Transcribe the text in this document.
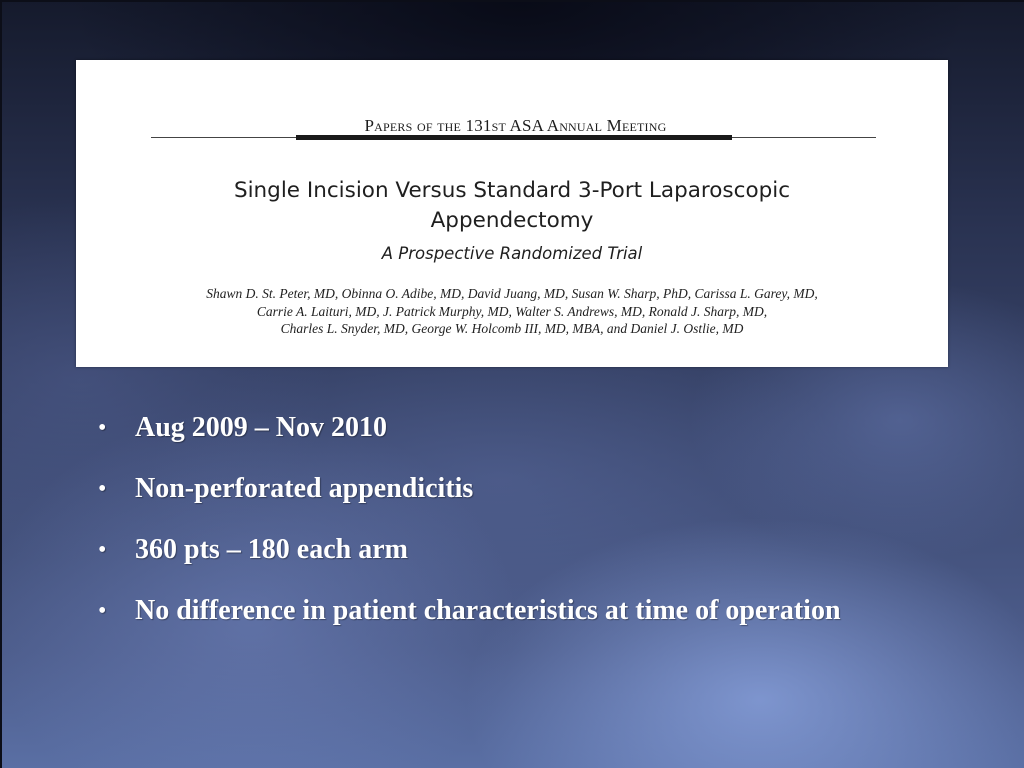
Papers of the 131st ASA Annual Meeting
Single Incision Versus Standard 3-Port Laparoscopic
Appendectomy
A Prospective Randomized Trial
Shawn D. St. Peter, MD, Obinna O. Adibe, MD, David Juang, MD, Susan W. Sharp, PhD, Carissa L. Garey, MD,
Carrie A. Laituri, MD, J. Patrick Murphy, MD, Walter S. Andrews, MD, Ronald J. Sharp, MD,
Charles L. Snyder, MD, George W. Holcomb III, MD, MBA, and Daniel J. Ostlie, MD
• Aug 2009 – Nov 2010
• Non-perforated appendicitis
• 360 pts – 180 each arm
• No difference in patient characteristics at time of operation
